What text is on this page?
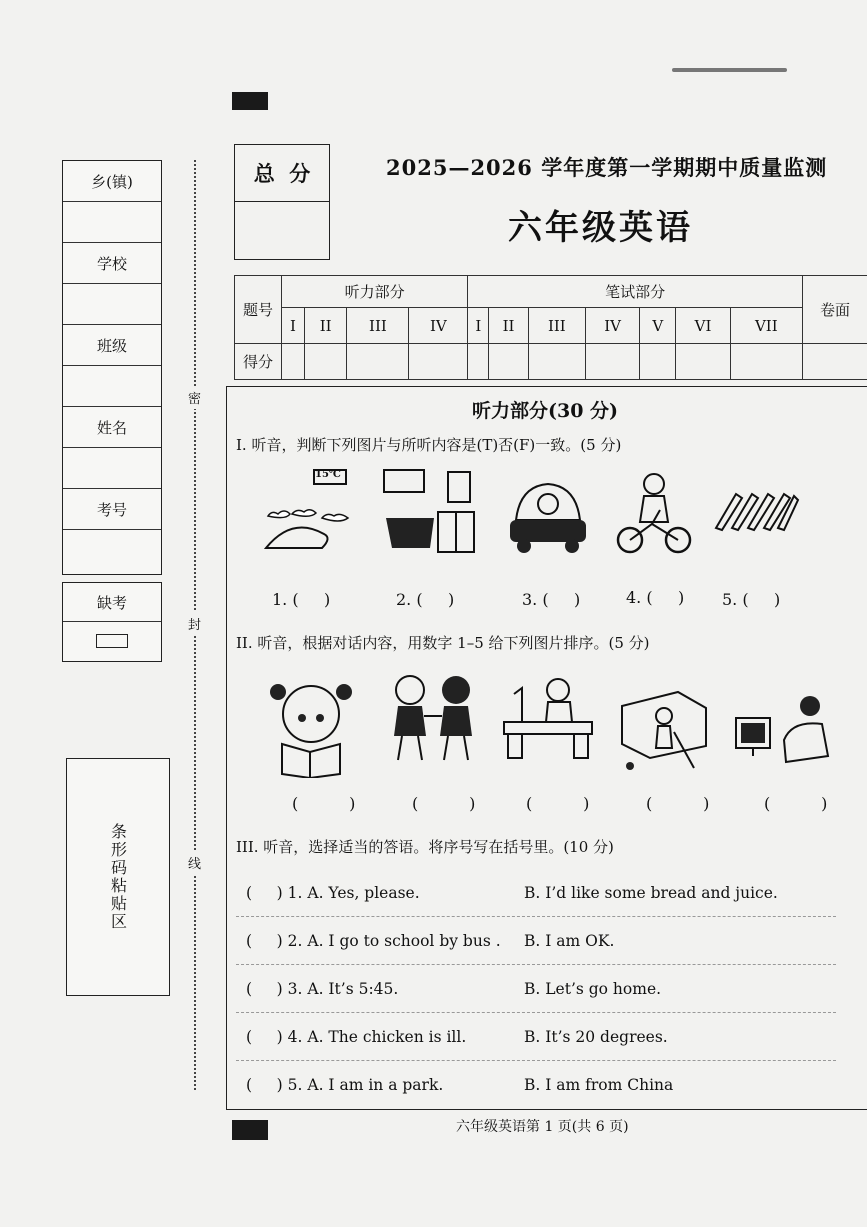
乡(镇)
学校
班级
姓名
考号
缺考
条形码粘贴区
密
封
线
总  分	2025—2026 学年度第一学期期中质量监测
六年级英语
题号	听力部分				笔试部分							卷面
	I	II	III	IV	I	II	III	IV	V	VI	VII	
得分												
听力部分(30 分)
I. 听音，判断下列图片与所听内容是(T)否(F)一致。(5 分)
15℃
1. (     )	2. (     )	3. (     )	4. (     ) 5. (     )
II. 听音，根据对话内容，用数字 1–5 给下列图片排序。(5 分)
(          )	(          )	(          )	(          )	(          )
III. 听音，选择适当的答语。将序号写在括号里。(10 分)
(     ) 1. A. Yes, please.	B. I’d like some bread and juice.
(     ) 2. A. I go to school by bus . B. I am OK.
(     ) 3. A. It’s 5:45.	B. Let’s go home.
(     ) 4. A. The chicken is ill.	B. It’s 20 degrees.
(     ) 5. A. I am in a park.	B. I am from China
六年级英语第 1 页(共 6 页)
